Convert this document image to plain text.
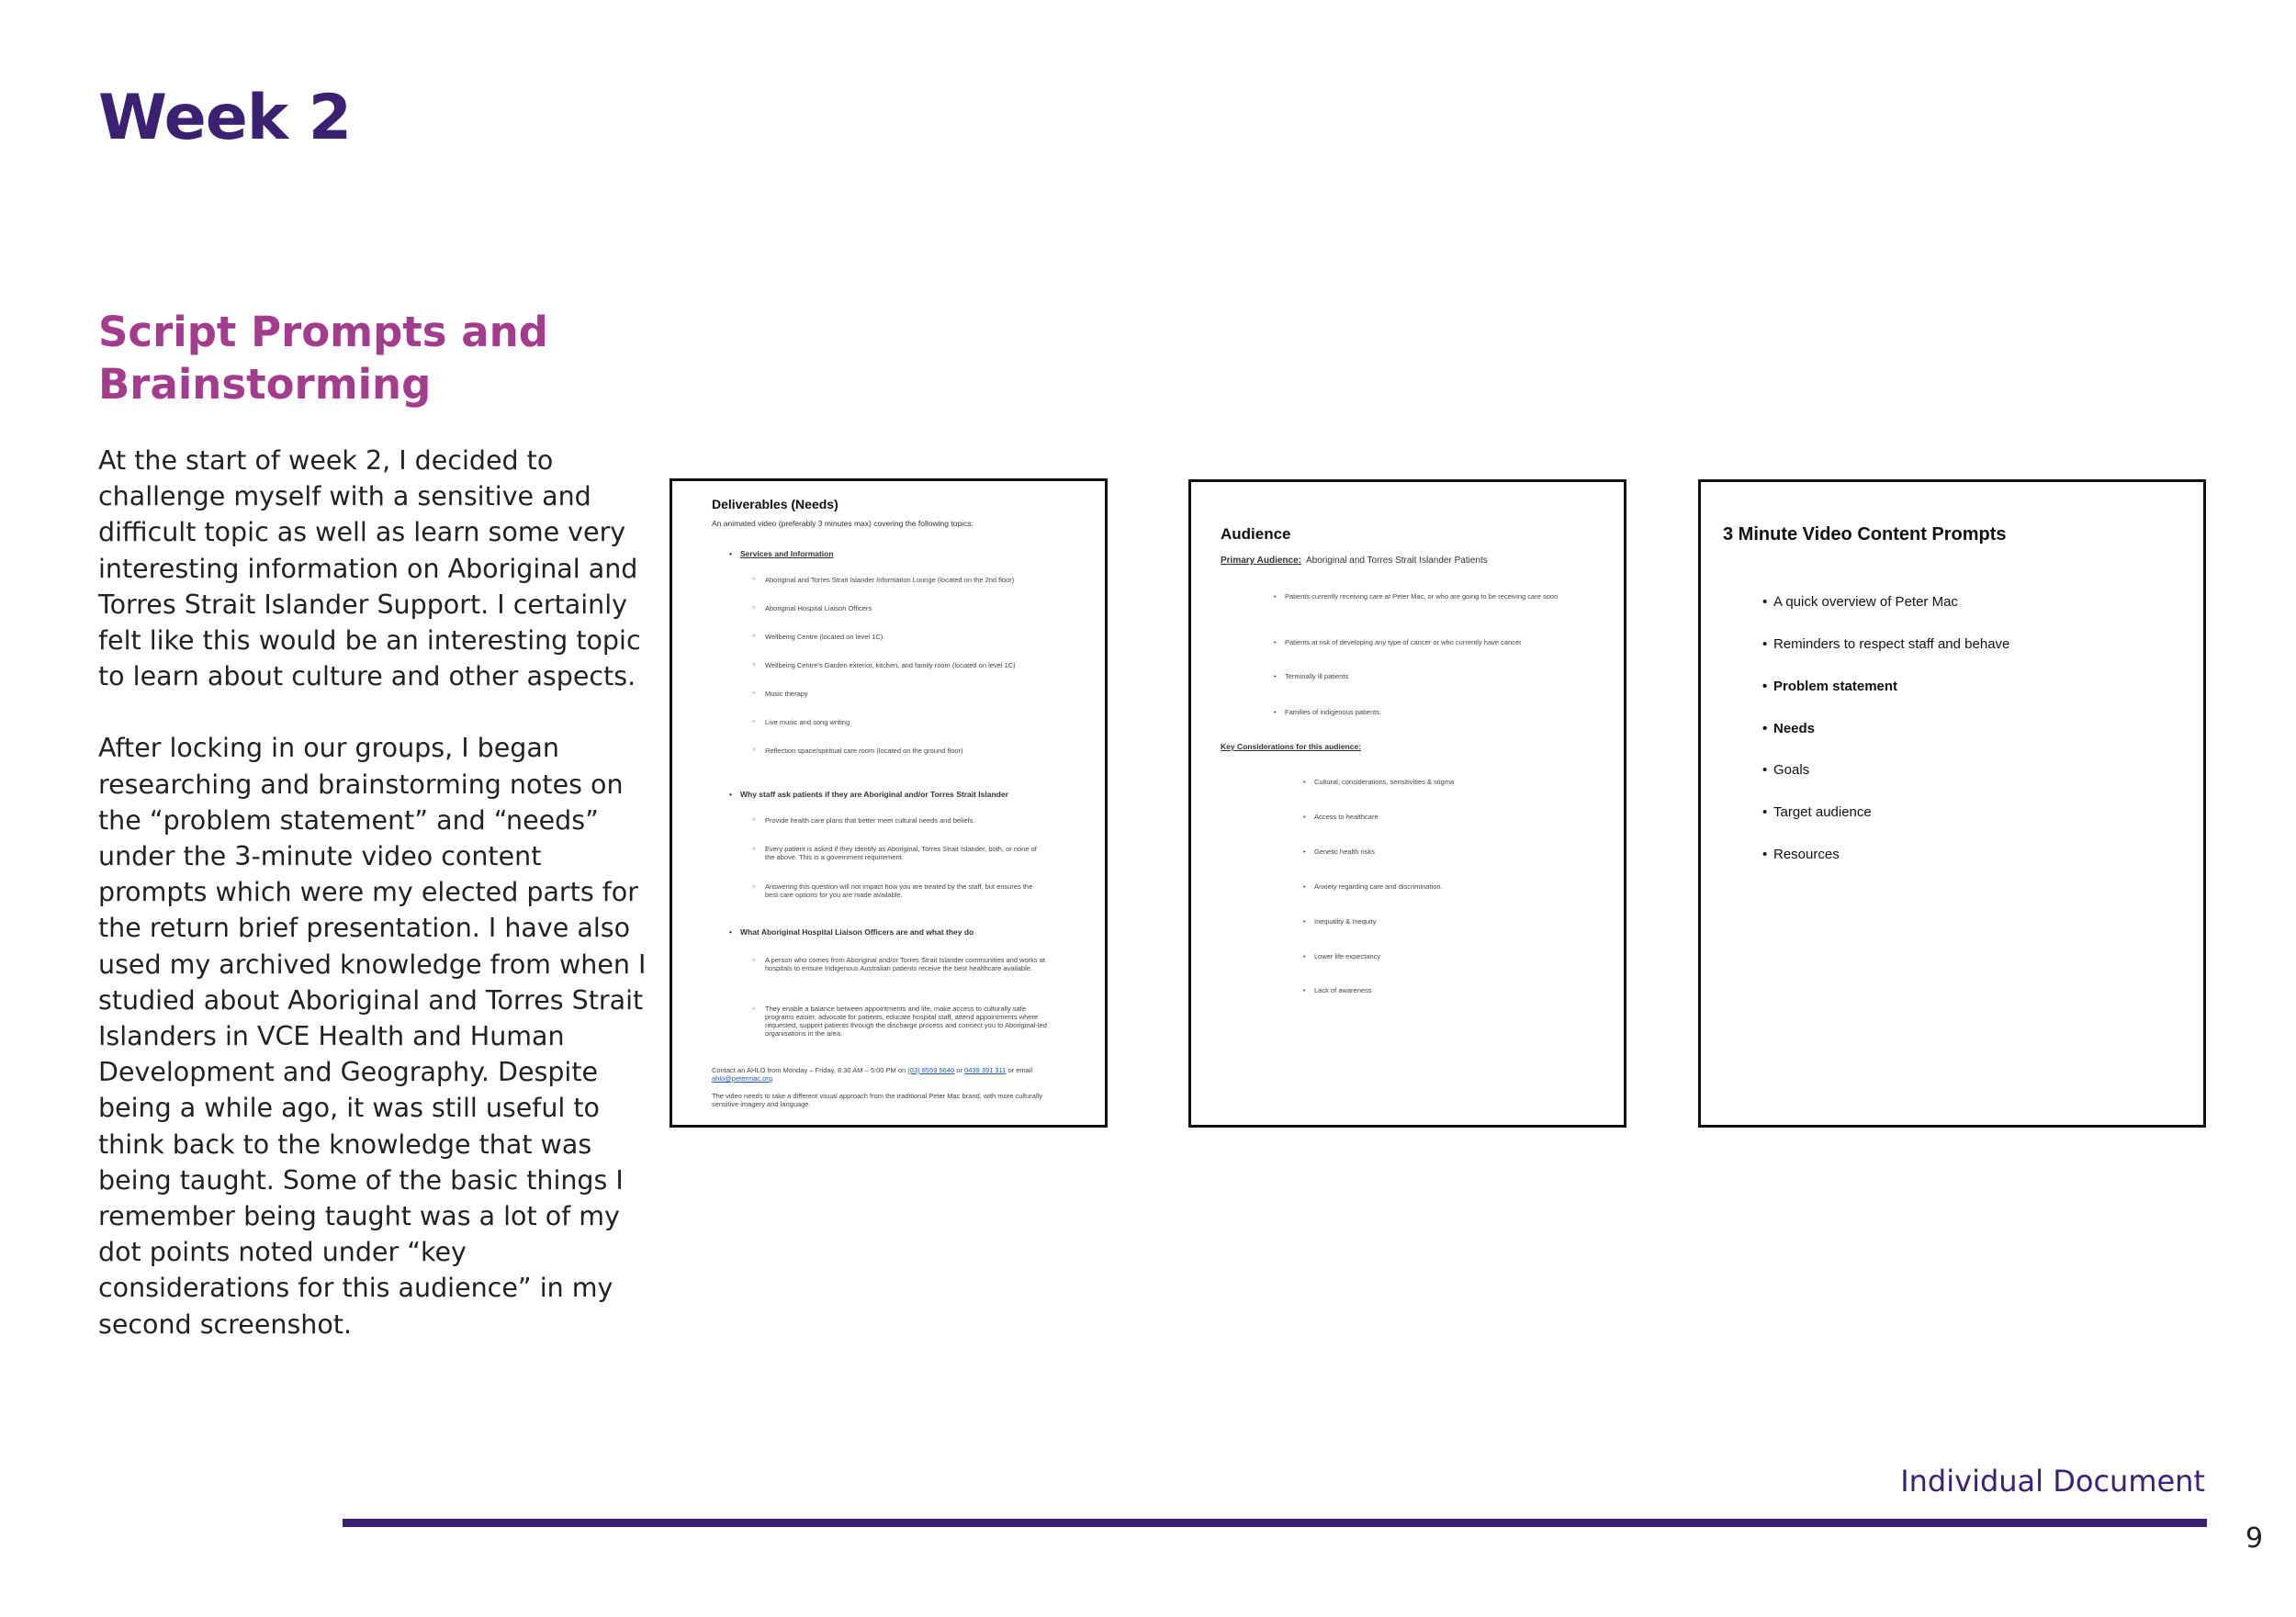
Week 2
Script Prompts and Brainstorming

At the start of week 2, I decided to challenge myself with a sensitive and difficult topic as well as learn some very interesting information on Aboriginal and Torres Strait Islander Support. I certainly felt like this would be an interesting topic to learn about culture and other aspects.

After locking in our groups, I began researching and brainstorming notes on the “problem statement” and “needs” under the 3-minute video content prompts which were my elected parts for the return brief presentation. I have also used my archived knowledge from when I studied about Aboriginal and Torres Strait Islanders in VCE Health and Human Development and Geography. Despite being a while ago, it was still useful to think back to the knowledge that was being taught. Some of the basic things I remember being taught was a lot of my dot points noted under “key considerations for this audience” in my second screenshot.

Deliverables (Needs)
An animated video (preferably 3 minutes max) covering the following topics:
• Services and Information
○ Aboriginal and Torres Strait Islander Information Lounge (located on the 2nd floor)
○ Aboriginal Hospital Liaison Officers
○ Wellbeing Centre (located on level 1C)
○ Wellbeing Centre's Garden exterior, kitchen, and family room (located on level 1C)
○ Music therapy
○ Live music and song writing
○ Reflection space/spiritual care room (located on the ground floor)
• Why staff ask patients if they are Aboriginal and/or Torres Strait Islander
○ Provide health care plans that better meet cultural needs and beliefs.
○ Every patient is asked if they identify as Aboriginal, Torres Strait Islander, both, or none of the above. This is a government requirement.
○ Answering this question will not impact how you are treated by the staff, but ensures the best care options for you are made available.
• What Aboriginal Hospital Liaison Officers are and what they do
○ A person who comes from Aboriginal and/or Torres Strait Islander communities and works at hospitals to ensure Indigenous Australian patients receive the best healthcare available.
○ They enable a balance between appointments and life, make access to culturally safe programs easier, advocate for patients, educate hospital staff, attend appointments where requested, support patients through the discharge process and connect you to Aboriginal-led organisations in the area.
Contact an AHLO from Monday – Friday, 8:30 AM – 5:00 PM on (03) 8559 5640 or 0439 391 311 or email ahlo@petermac.org
The video needs to take a different visual approach from the traditional Peter Mac brand, with more culturally sensitive imagery and language.
Audience
Primary Audience: Aboriginal and Torres Strait Islander Patients
• Patients currently receiving care at Peter Mac, or who are going to be receiving care soon
• Patients at risk of developing any type of cancer or who currently have cancer
• Terminally ill patients
• Families of indigenous patients.
Key Considerations for this audience:
• Cultural, considerations, sensitivities & stigma
• Access to healthcare
• Genetic health risks
• Anxiety regarding care and discrimination.
• Inequality & Inequity
• Lower life expectancy
• Lack of awareness
3 Minute Video Content Prompts
• A quick overview of Peter Mac
• Reminders to respect staff and behave
• Problem statement
• Needs
• Goals
• Target audience
• Resources
Individual Document
9
